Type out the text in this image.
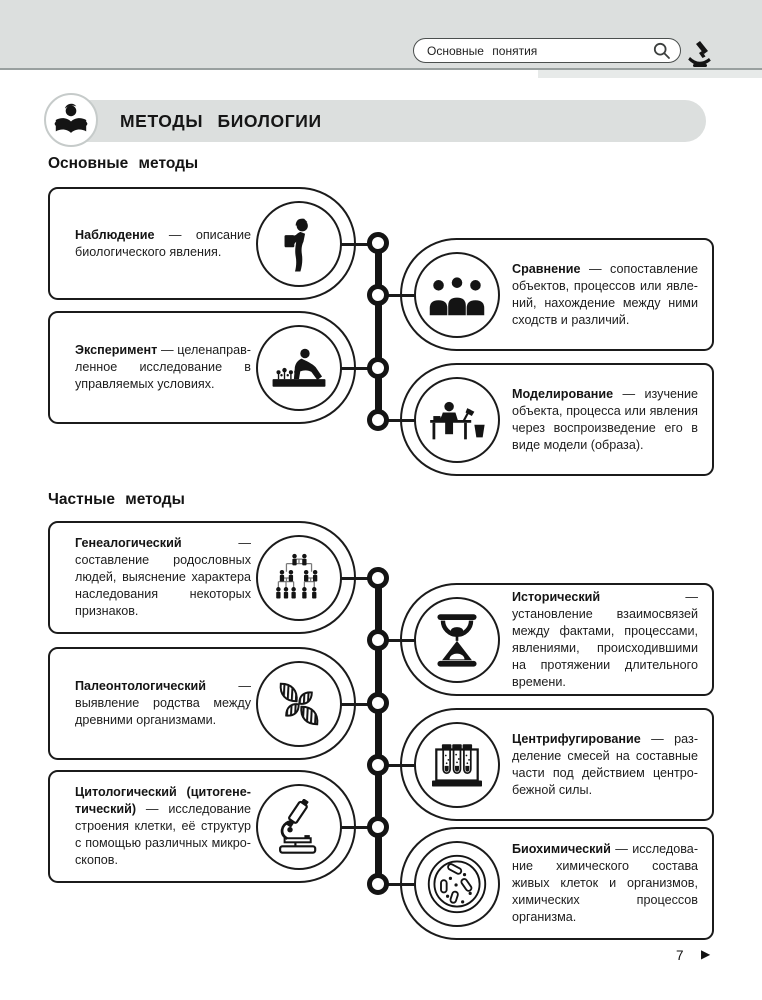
Основные понятия
МЕТОДЫ БИОЛОГИИ
Основные методы
Частные методы

Наблюдение — описание биологического явления.

Сравнение — сопоставление объектов, процессов или явлений, нахождение между ними сходств и различий.

Эксперимент — целенаправленное исследование в управляемых условиях.

Моделирование — изучение объекта, процесса или явления через воспроизведение его в виде модели (образа).

Генеалогический	— составление родословных людей, выяснение характера наследования некоторых признаков.

Исторический	— установление взаимосвязей между фактами, процессами, явлениями, происходившими на протяжении длительного времени.

Палеонтологический	— выявление родства между древними организмами.

Центрифугирование — разделение смесей на составные части под действием центробежной силы.

Цитологический (цитогенетический) — исследование строения клетки, её структур с помощью различных микроскопов.

Биохимический — исследование химического состава живых клеток и организмов, химических процессов организма.

7 ▶
